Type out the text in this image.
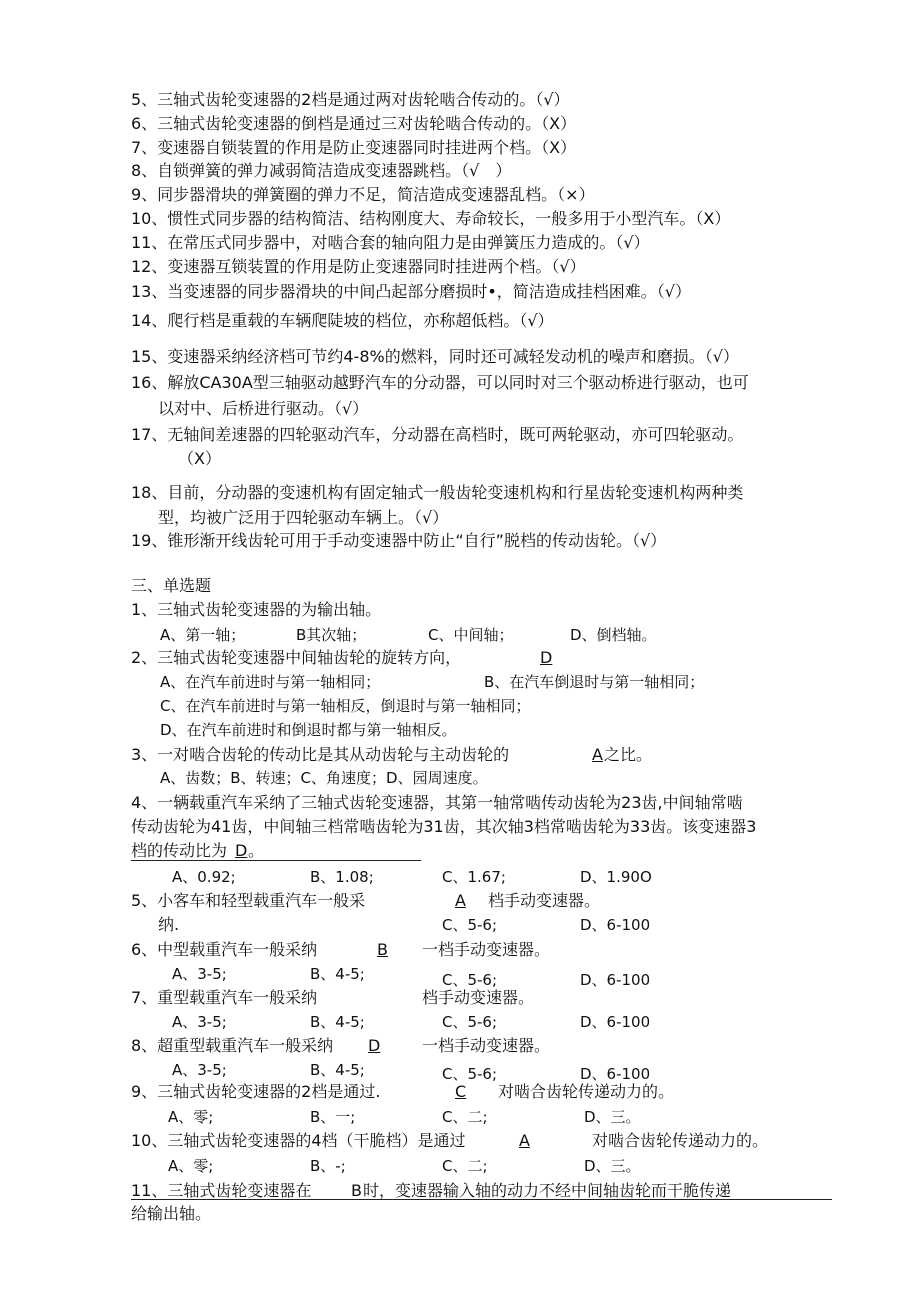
5、三轴式齿轮变速器的2档是通过两对齿轮啮合传动的。（√）
6、三轴式齿轮变速器的倒档是通过三对齿轮啮合传动的。（X）
7、变速器自锁装置的作用是防止变速器同时挂进两个档。（X）
8、自锁弹簧的弹力减弱简洁造成变速器跳档。（√　）
9、同步器滑块的弹簧圈的弹力不足，简洁造成变速器乱档。（×）
10、惯性式同步器的结构简洁、结构刚度大、寿命较长，一般多用于小型汽车。（X）
11、在常压式同步器中，对啮合套的轴向阻力是由弹簧压力造成的。（√）
12、变速器互锁装置的作用是防止变速器同时挂进两个档。（√）
13、当变速器的同步器滑块的中间凸起部分磨损时•，简洁造成挂档困难。（√）
14、爬行档是重载的车辆爬陡坡的档位，亦称超低档。（√）
15、变速器采纳经济档可节约4-8%的燃料，同时还可减轻发动机的噪声和磨损。（√）
16、解放CA30A型三轴驱动越野汽车的分动器，可以同时对三个驱动桥进行驱动，也可
以对中、后桥进行驱动。（√）
17、无轴间差速器的四轮驱动汽车，分动器在高档时，既可两轮驱动，亦可四轮驱动。
（X）
18、目前，分动器的变速机构有固定轴式一般齿轮变速机构和行星齿轮变速机构两种类
型，均被广泛用于四轮驱动车辆上。（√）
19、锥形渐开线齿轮可用于手动变速器中防止“自行”脱档的传动齿轮。（√）
三、单选题
1、三轴式齿轮变速器的为输出轴。
A、第一轴；	B其次轴；	C、中间轴；	D、倒档轴。
2、三轴式齿轮变速器中间轴齿轮的旋转方向，	D
A、在汽车前进时与第一轴相同；	B、在汽车倒退时与第一轴相同；
C、在汽车前进时与第一轴相反，倒退时与第一轴相同；
D、在汽车前进时和倒退时都与第一轴相反。
3、一对啮合齿轮的传动比是其从动齿轮与主动齿轮的	A 之比。
A、齿数；B、转速；C、角速度；D、园周速度。
4、一辆载重汽车采纳了三轴式齿轮变速器，其第一轴常啮传动齿轮为23齿,中间轴常啮
传动齿轮为41齿，中间轴三档常啮齿轮为31齿，其次轴3档常啮齿轮为33齿。该变速器3
档的传动比为 D 。
A、0.92;	B、1.08;	C、1.67;	D、1.90O
5、小客车和轻型载重汽车一般采	A 档手动变速器。
纳.	C、5-6;	D、6-100
6、中型载重汽车一般采纳	B 一档手动变速器。
A、3-5;	B、4-5;	C、5-6;	D、6-100
7、重型载重汽车一般采纳	档手动变速器。
A、3-5;	B、4-5;	C、5-6;	D、6-100
8、超重型载重汽车一般采纳 D	一档手动变速器。
A、3-5;	B、4-5;	C、5-6;	D、6-100
9、三轴式齿轮变速器的2档是通过.	C 对啮合齿轮传递动力的。
A、零;	B、一;	C、二;	D、三。
10、三轴式齿轮变速器的4档（干脆档）是通过	A	对啮合齿轮传递动力的。
A、零;	B、-;	C、二;	D、三。
11、三轴式齿轮变速器在 B 时，变速器输入轴的动力不经中间轴齿轮而干脆传递
给输出轴。
